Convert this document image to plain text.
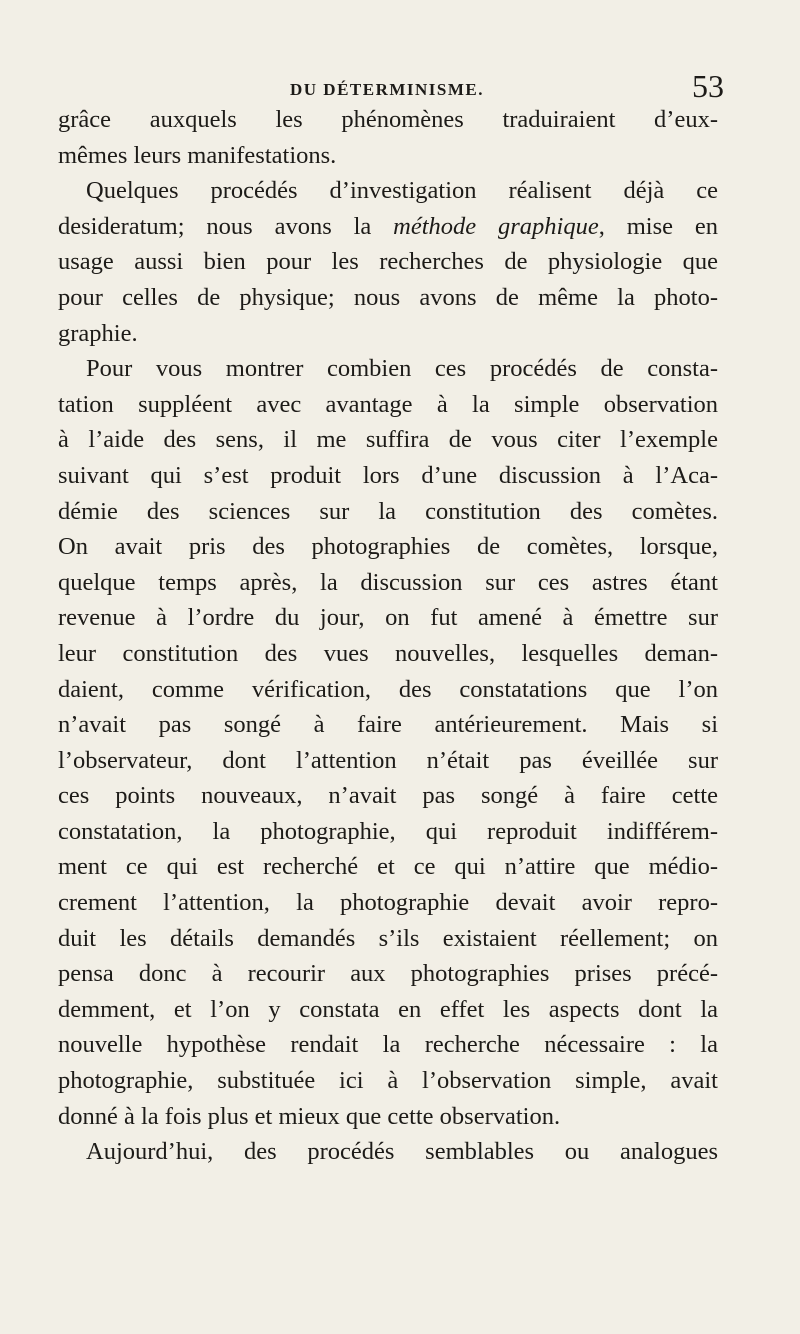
DU DÉTERMINISME.	53
grâce auxquels les phénomènes traduiraient d’eux-
mêmes leurs manifestations.
Quelques procédés d’investigation réalisent déjà ce
desideratum; nous avons la méthode graphique, mise en
usage aussi bien pour les recherches de physiologie que
pour celles de physique; nous avons de même la photo-
graphie.
Pour vous montrer combien ces procédés de consta-
tation suppléent avec avantage à la simple observation
à l’aide des sens, il me suffira de vous citer l’exemple
suivant qui s’est produit lors d’une discussion à l’Aca-
démie des sciences sur la constitution des comètes.
On avait pris des photographies de comètes, lorsque,
quelque temps après, la discussion sur ces astres étant
revenue à l’ordre du jour, on fut amené à émettre sur
leur constitution des vues nouvelles, lesquelles deman-
daient, comme vérification, des constatations que l’on
n’avait pas songé à faire antérieurement. Mais si
l’observateur, dont l’attention n’était pas éveillée sur
ces points nouveaux, n’avait pas songé à faire cette
constatation, la photographie, qui reproduit indifférem-
ment ce qui est recherché et ce qui n’attire que médio-
crement l’attention, la photographie devait avoir repro-
duit les détails demandés s’ils existaient réellement; on
pensa donc à recourir aux photographies prises précé-
demment, et l’on y constata en effet les aspects dont la
nouvelle hypothèse rendait la recherche nécessaire : la
photographie, substituée ici à l’observation simple, avait
donné à la fois plus et mieux que cette observation.
Aujourd’hui, des procédés semblables ou analogues
